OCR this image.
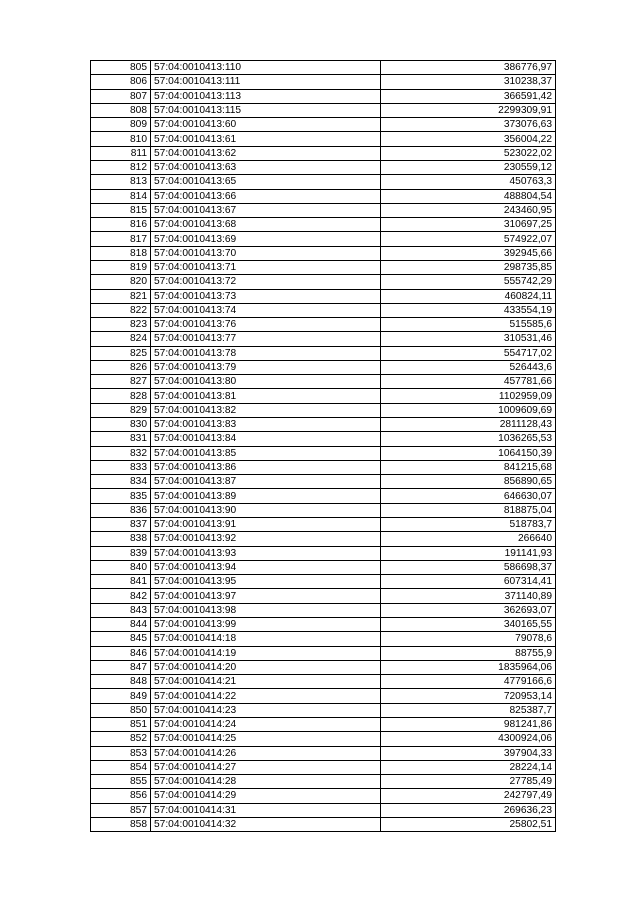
805	57:04:0010413:110	386776,97
806	57:04:0010413:111	310238,37
807	57:04:0010413:113	366591,42
808	57:04:0010413:115	2299309,91
809	57:04:0010413:60	373076,63
810	57:04:0010413:61	356004,22
811	57:04:0010413:62	523022,02
812	57:04:0010413:63	230559,12
813	57:04:0010413:65	450763,3
814	57:04:0010413:66	488804,54
815	57:04:0010413:67	243460,95
816	57:04:0010413:68	310697,25
817	57:04:0010413:69	574922,07
818	57:04:0010413:70	392945,66
819	57:04:0010413:71	298735,85
820	57:04:0010413:72	555742,29
821	57:04:0010413:73	460824,11
822	57:04:0010413:74	433554,19
823	57:04:0010413:76	515585,6
824	57:04:0010413:77	310531,46
825	57:04:0010413:78	554717,02
826	57:04:0010413:79	526443,6
827	57:04:0010413:80	457781,66
828	57:04:0010413:81	1102959,09
829	57:04:0010413:82	1009609,69
830	57:04:0010413:83	2811128,43
831	57:04:0010413:84	1036265,53
832	57:04:0010413:85	1064150,39
833	57:04:0010413:86	841215,68
834	57:04:0010413:87	856890,65
835	57:04:0010413:89	646630,07
836	57:04:0010413:90	818875,04
837	57:04:0010413:91	518783,7
838	57:04:0010413:92	266640
839	57:04:0010413:93	191141,93
840	57:04:0010413:94	586698,37
841	57:04:0010413:95	607314,41
842	57:04:0010413:97	371140,89
843	57:04:0010413:98	362693,07
844	57:04:0010413:99	340165,55
845	57:04:0010414:18	79078,6
846	57:04:0010414:19	88755,9
847	57:04:0010414:20	1835964,06
848	57:04:0010414:21	4779166,6
849	57:04:0010414:22	720953,14
850	57:04:0010414:23	825387,7
851	57:04:0010414:24	981241,86
852	57:04:0010414:25	4300924,06
853	57:04:0010414:26	397904,33
854	57:04:0010414:27	28224,14
855	57:04:0010414:28	27785,49
856	57:04:0010414:29	242797,49
857	57:04:0010414:31	269636,23
858	57:04:0010414:32	25802,51
